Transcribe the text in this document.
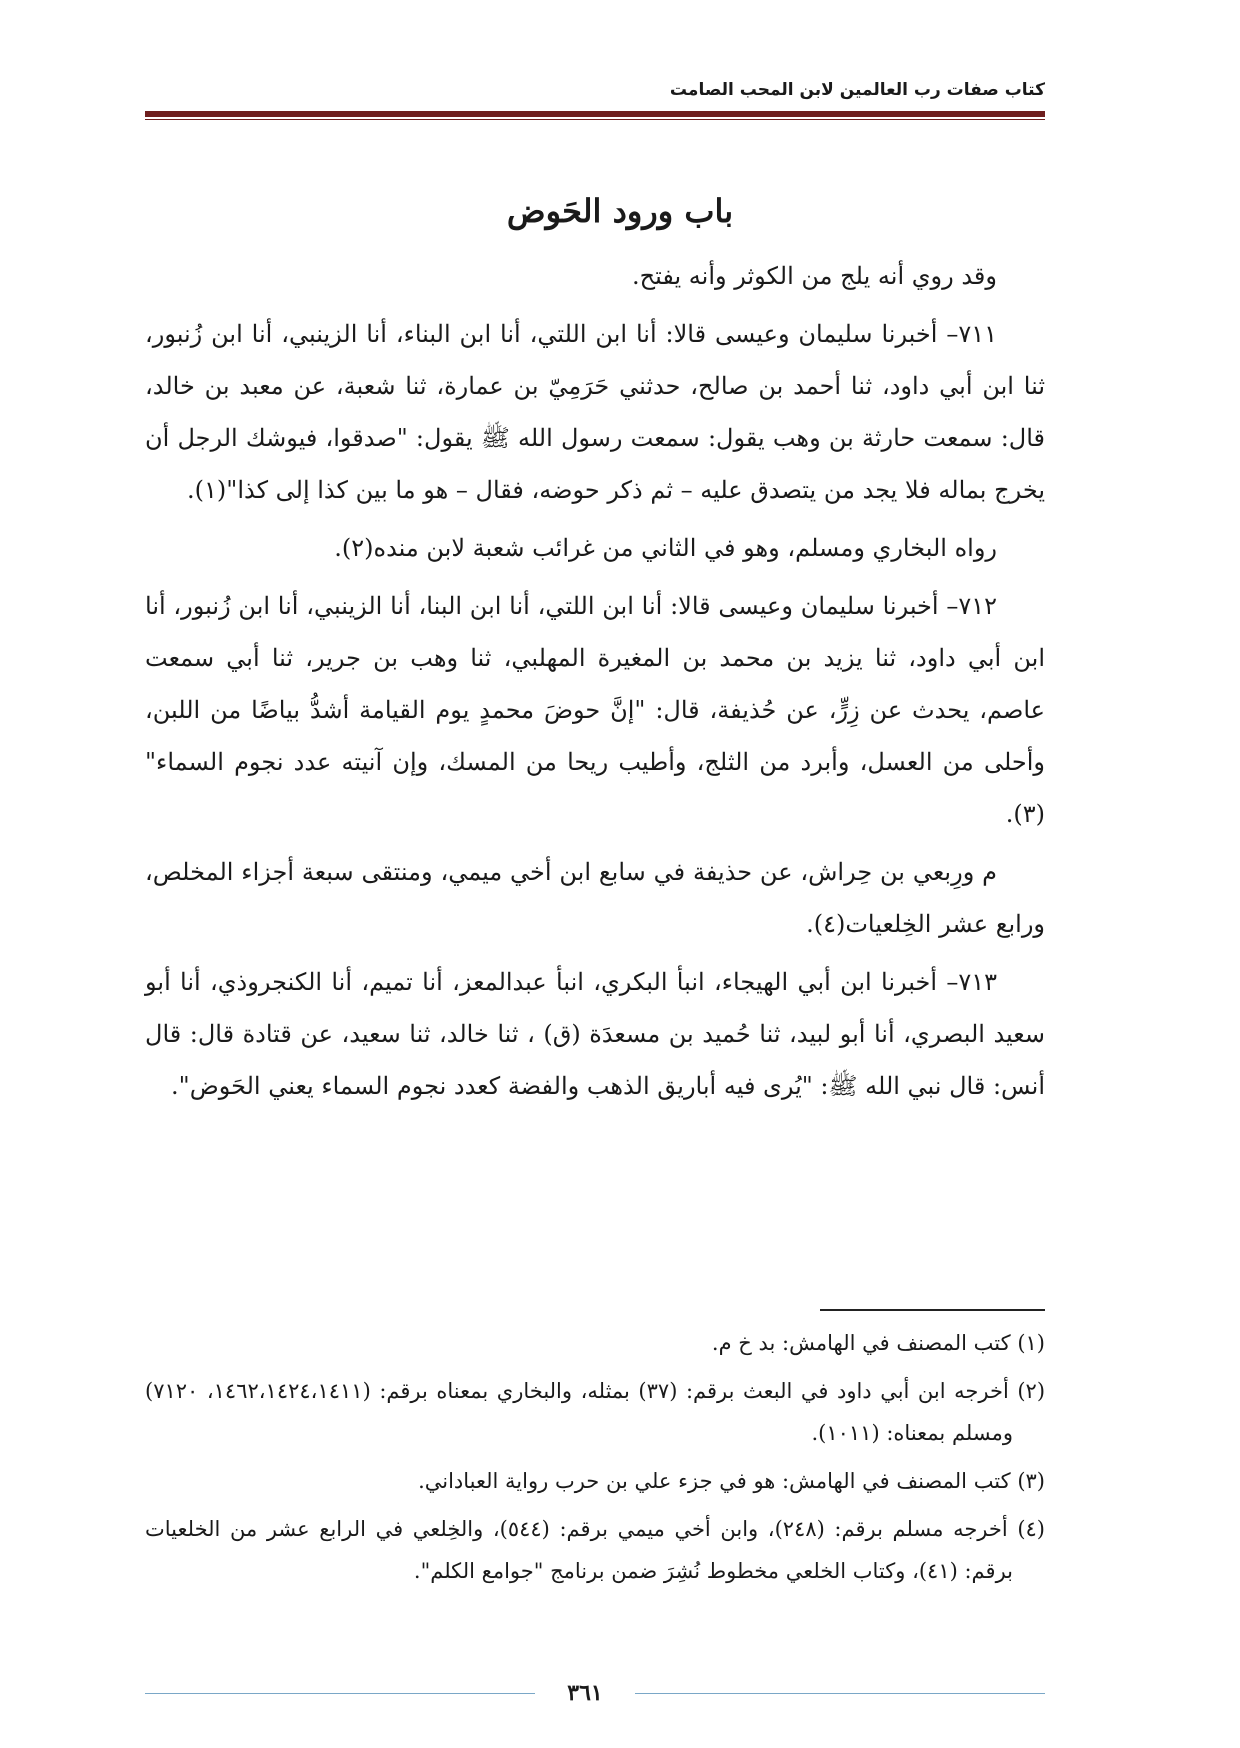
كتاب صفات رب العالمين لابن المحب الصامت
باب ورود الحَوض

وقد روي أنه يلج من الكوثر وأنه يفتح.

٧١١– أخبرنا سليمان وعيسى قالا: أنا ابن اللتي، أنا ابن البناء، أنا الزينبي، أنا ابن زُنبور، ثنا ابن أبي داود، ثنا أحمد بن صالح، حدثني حَرَمِيّ بن عمارة، ثنا شعبة، عن معبد بن خالد، قال: سمعت حارثة بن وهب يقول: سمعت رسول الله ﷺ يقول: "صدقوا، فيوشك الرجل أن يخرج بماله فلا يجد من يتصدق عليه – ثم ذكر حوضه، فقال – هو ما بين كذا إلى كذا"(١).

رواه البخاري ومسلم، وهو في الثاني من غرائب شعبة لابن منده(٢).

٧١٢– أخبرنا سليمان وعيسى قالا: أنا ابن اللتي، أنا ابن البنا، أنا الزينبي، أنا ابن زُنبور، أنا ابن أبي داود، ثنا يزيد بن محمد بن المغيرة المهلبي، ثنا وهب بن جرير، ثنا أبي سمعت عاصم، يحدث عن زِرٍّ، عن حُذيفة، قال: "إنَّ حوضَ محمدٍ يوم القيامة أشدُّ بياضًا من اللبن، وأحلى من العسل، وأبرد من الثلج، وأطيب ريحا من المسك، وإن آنيته عدد نجوم السماء"(٣).

م ورِبعي بن حِراش، عن حذيفة في سابع ابن أخي ميمي، ومنتقى سبعة أجزاء المخلص، ورابع عشر الخِلعيات(٤).

٧١٣– أخبرنا ابن أبي الهيجاء، انبأ البكري، انبأ عبدالمعز، أنا تميم، أنا الكنجروذي، أنا أبو سعيد البصري، أنا أبو لبيد، ثنا حُميد بن مسعدَة (ق) ، ثنا خالد، ثنا سعيد، عن قتادة قال: قال أنس: قال نبي الله ﷺ: "يُرى فيه أباريق الذهب والفضة كعدد نجوم السماء يعني الحَوض".

(١) كتب المصنف في الهامش: بد خ م.

(٢) أخرجه ابن أبي داود في البعث برقم: (٣٧) بمثله، والبخاري بمعناه برقم: (١٤٦٢،١٤٢٤،١٤١١، ٧١٢٠) ومسلم بمعناه: (١٠١١).

(٣) كتب المصنف في الهامش: هو في جزء علي بن حرب رواية العباداني.

(٤) أخرجه مسلم برقم: (٢٤٨)، وابن أخي ميمي برقم: (٥٤٤)، والخِلعي في الرابع عشر من الخلعيات برقم: (٤١)، وكتاب الخلعي مخطوط نُشِرَ ضمن برنامج "جوامع الكلم".

٣٦١
